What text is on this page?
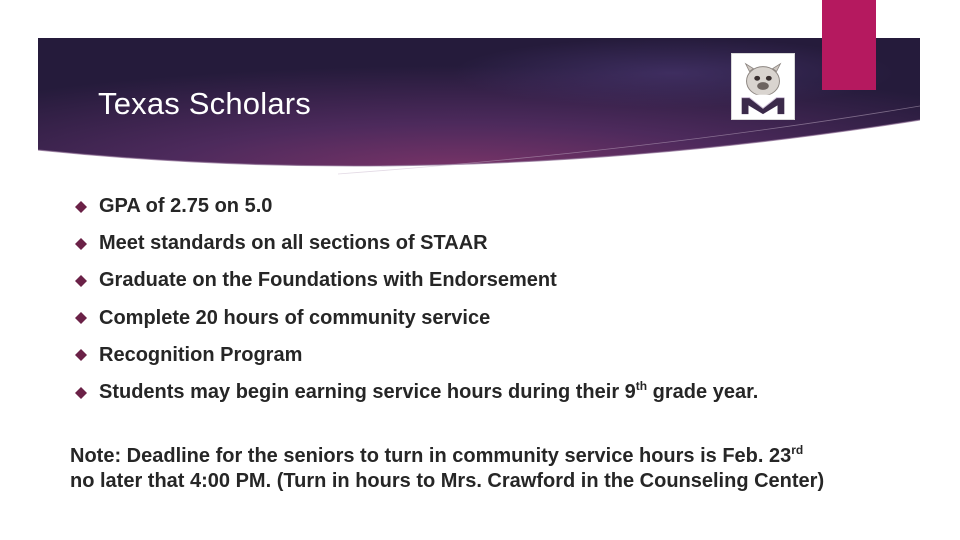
Texas Scholars
GPA of 2.75 on 5.0
Meet standards on all sections of STAAR
Graduate on the Foundations with Endorsement
Complete 20 hours of community service
Recognition Program
Students may begin earning service hours during their 9th grade year.

Note: Deadline for the seniors to turn in community service hours is Feb. 23rd
no later that 4:00 PM. (Turn in hours to Mrs. Crawford in the Counseling Center)
